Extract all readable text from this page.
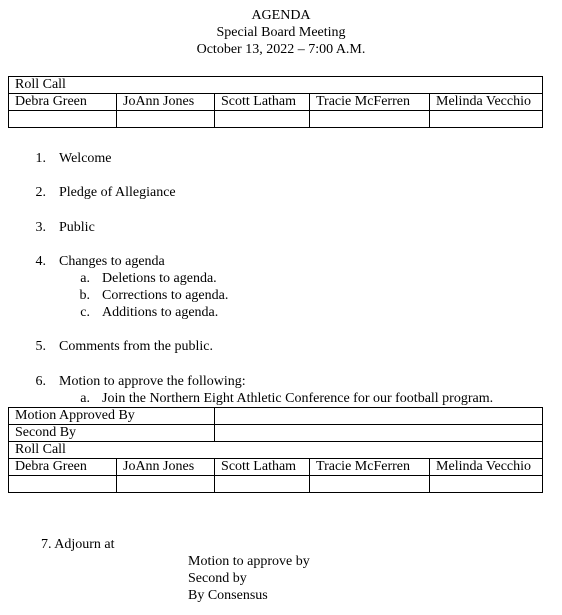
AGENDA
Special Board Meeting
October 13, 2022 – 7:00 A.M.
Roll Call				
Debra Green	JoAnn Jones	Scott Latham	Tracie McFerren	Melinda Vecchio

1. Welcome
2. Pledge of Allegiance
3. Public
4. Changes to agenda
a. Deletions to agenda.
b. Corrections to agenda.
c. Additions to agenda.
5. Comments from the public.
6. Motion to approve the following:
a. Join the Northern Eight Athletic Conference for our football program.
Motion Approved By				
Second By				
Roll Call				
Debra Green	JoAnn Jones	Scott Latham	Tracie McFerren	Melinda Vecchio

7. Adjourn at
Motion to approve by
Second by
By Consensus
